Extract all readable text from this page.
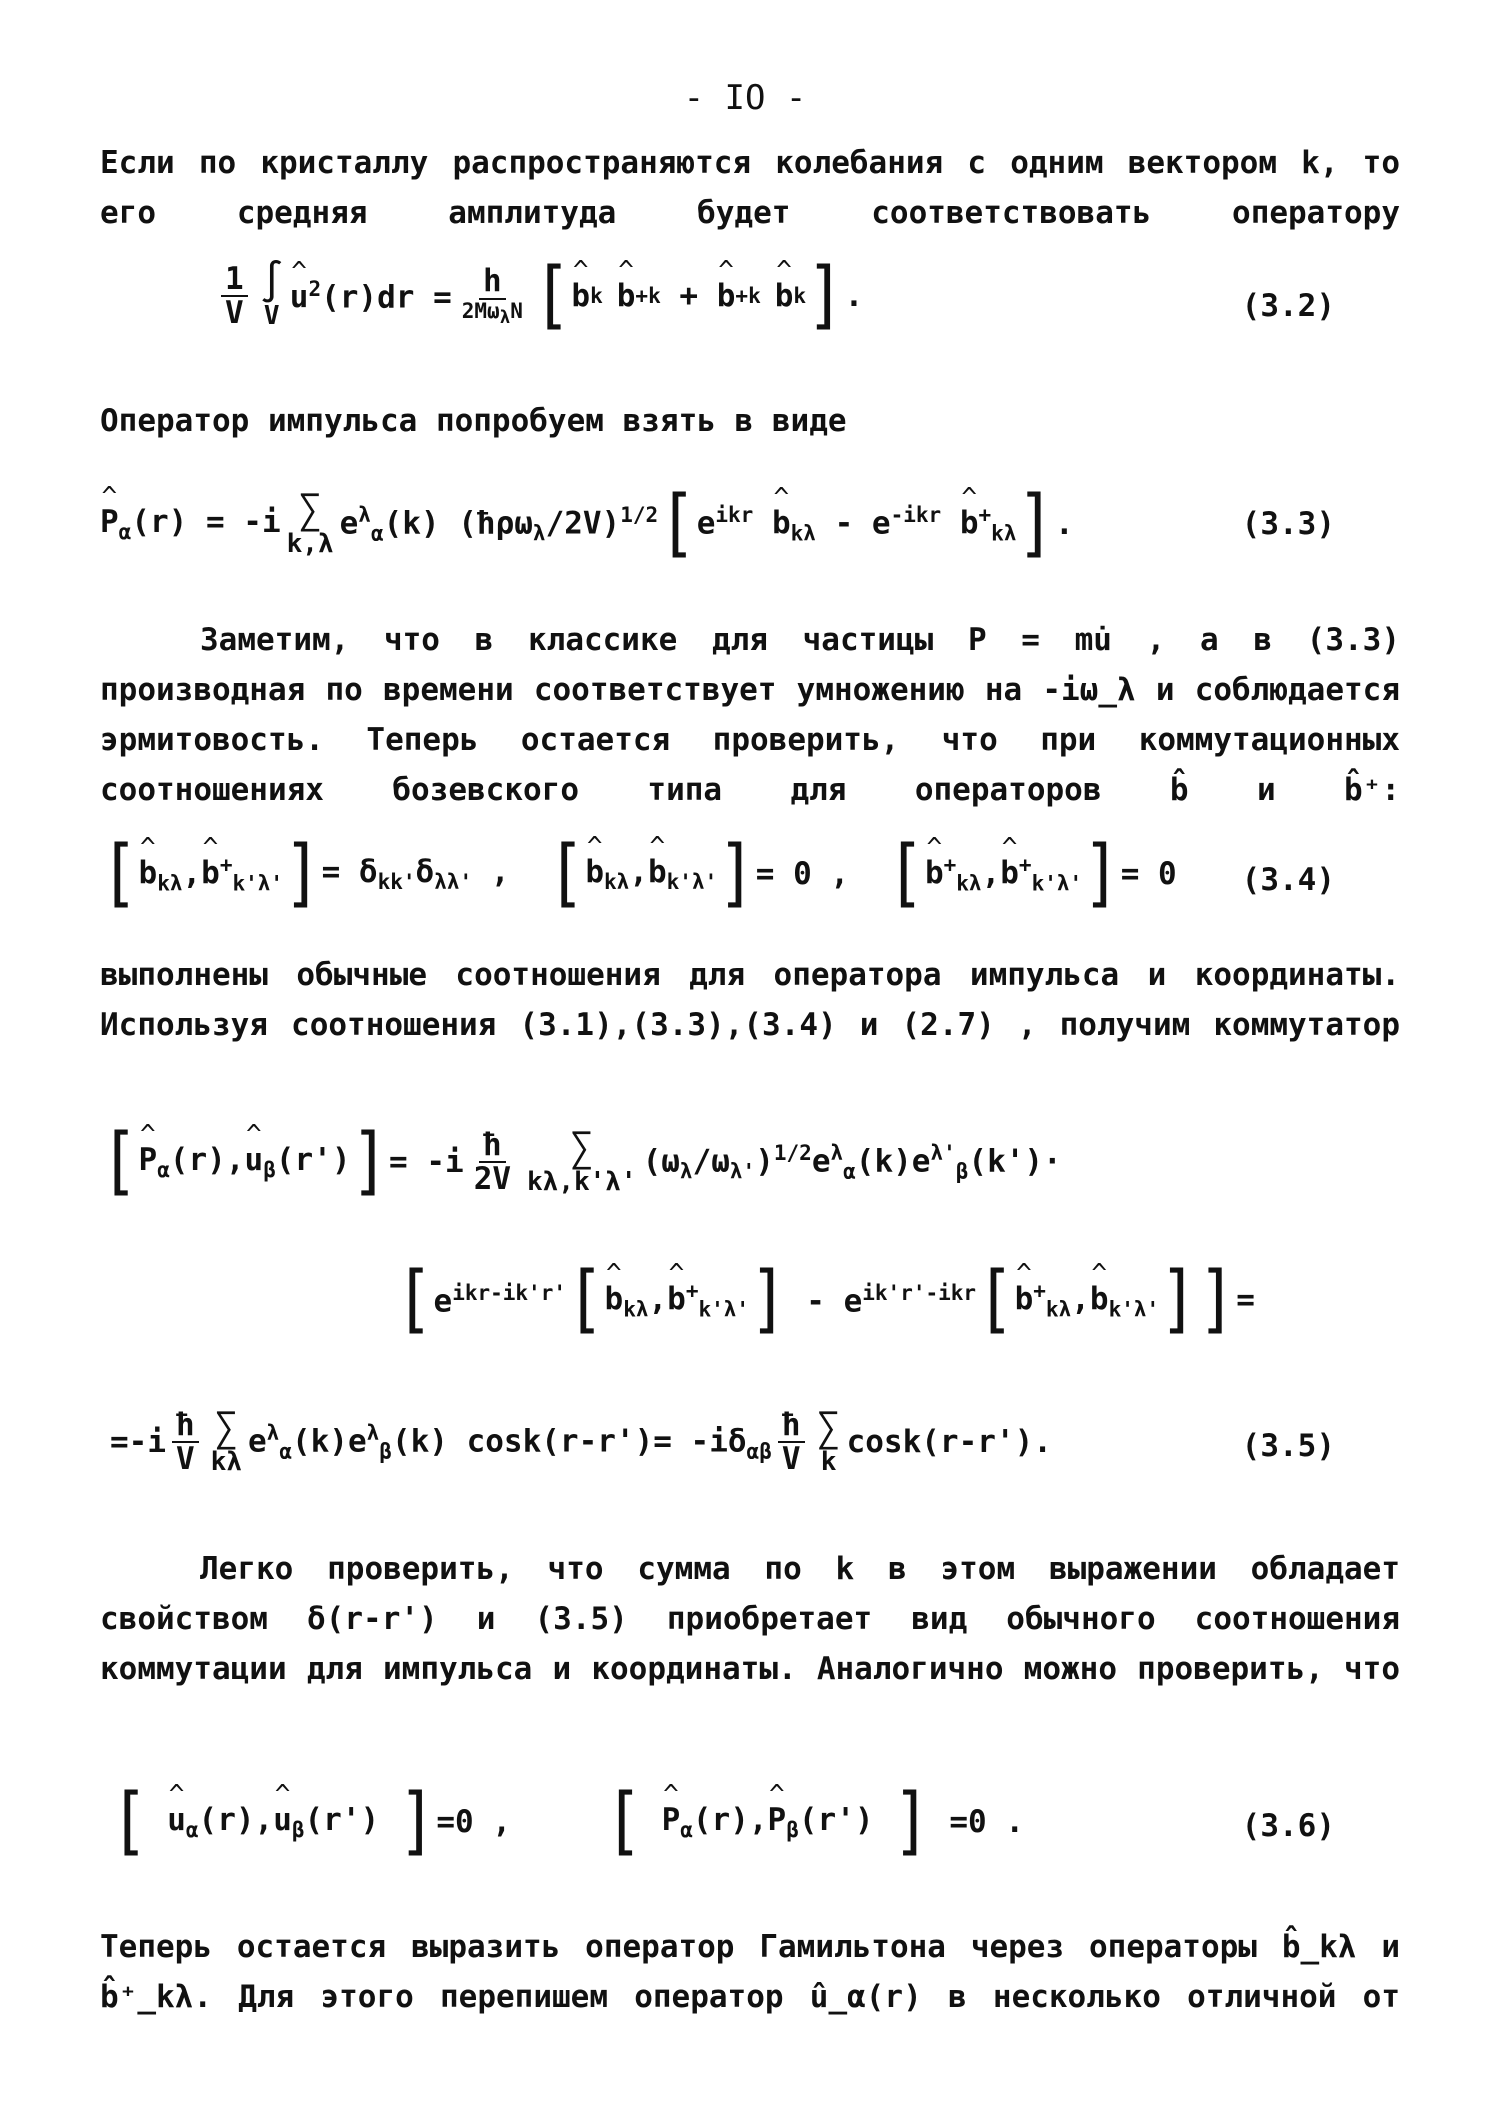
- IO -

Если по кристаллу распространяются колебания с одним вектором k, то его средняя амплитуда будет соответствовать оператору

$\frac{1}{V}$ ∫
V
^ $u^2(r)dr = \frac{h}{2M\omega_\lambda N}$ [ ^ b k ^ b + k + ^ b + k ^ b k ] .	(3.2)

Оператор импульса попробуем взять в виде

^ $P_\alpha(r) = -i$ ∑
k,λ
$e^\lambda_\alpha(k)$ (ħρω$_\lambda$/2V)$^{1/2}$ [ $e^{ikr}$ ^ $b_{k\lambda} - e^{-ikr}$ ^ $b^+_{k\lambda}$ ] .	(3.3)

Заметим, что в классике для частицы P = mu̇ , а в (3.3) производная по времени соответствует умножению на -iω_λ и соблюдается эрмитовость. Теперь остается проверить, что при коммутационных соотношениях бозевского типа для операторов b̂ и b̂⁺:

[ ^ $b_{k\lambda},\^{}$ $b^+_{k'\lambda'}$ ] = $\delta_{kk'}\delta_{\lambda\lambda'}$ , [ ^ $b_{k\lambda},\^{}$ $b_{k'\lambda'}$ ] = 0 , [ ^ $b^+_{k\lambda},\^{}$ $b^+_{k'\lambda'}$ ] = 0 (3.4)

выполнены обычные соотношения для оператора импульса и координаты. Используя соотношения (3.1),(3.3),(3.4) и (2.7) , получим коммутатор

[ ^ $P_\alpha(r),\^{}$ $u_\beta(r')$ ] = $-i \frac{ħ}{2V}$ ∑
kλ,k'λ'
$(\omega_\lambda/\omega_{\lambda'})^{1/2}e^\lambda_\alpha(k)e^{\lambda'}_\beta(k')\cdot$
[ $e^{ikr-ik'r'}$ [ ^ $b_{k\lambda},\^{}$ $b^+_{k'\lambda'}$ ] - $e^{ik'r'-ikr}$ [ ^ $b^+_{k\lambda},\^{}$ $b_{k'\lambda'}$ ]] =
$=-i \frac{ħ}{V}$ ∑
kλ
$e^\lambda_\alpha(k)e^\lambda_\beta(k)$ $\cos k(r-r')= -i\delta_{\alpha\beta} \frac{ħ}{V}$ ∑
k
cosk(r-r').	(3.5)

Легко проверить, что сумма по k в этом выражении обладает свойством δ(r-r') и (3.5) приобретает вид обычного соотношения коммутации для импульса и координаты. Аналогично можно проверить, что

[ ^ $u_\alpha(r),\^{}$ $u_\beta(r')$ ] =0 , [ ^ $P_\alpha(r),\^{}$ $P_\beta(r')$ ] =0 .	(3.6)

Теперь остается выразить оператор Гамильтона через операторы b̂_kλ и b̂⁺_kλ. Для этого перепишем оператор û_α(r) в несколько отличной от
